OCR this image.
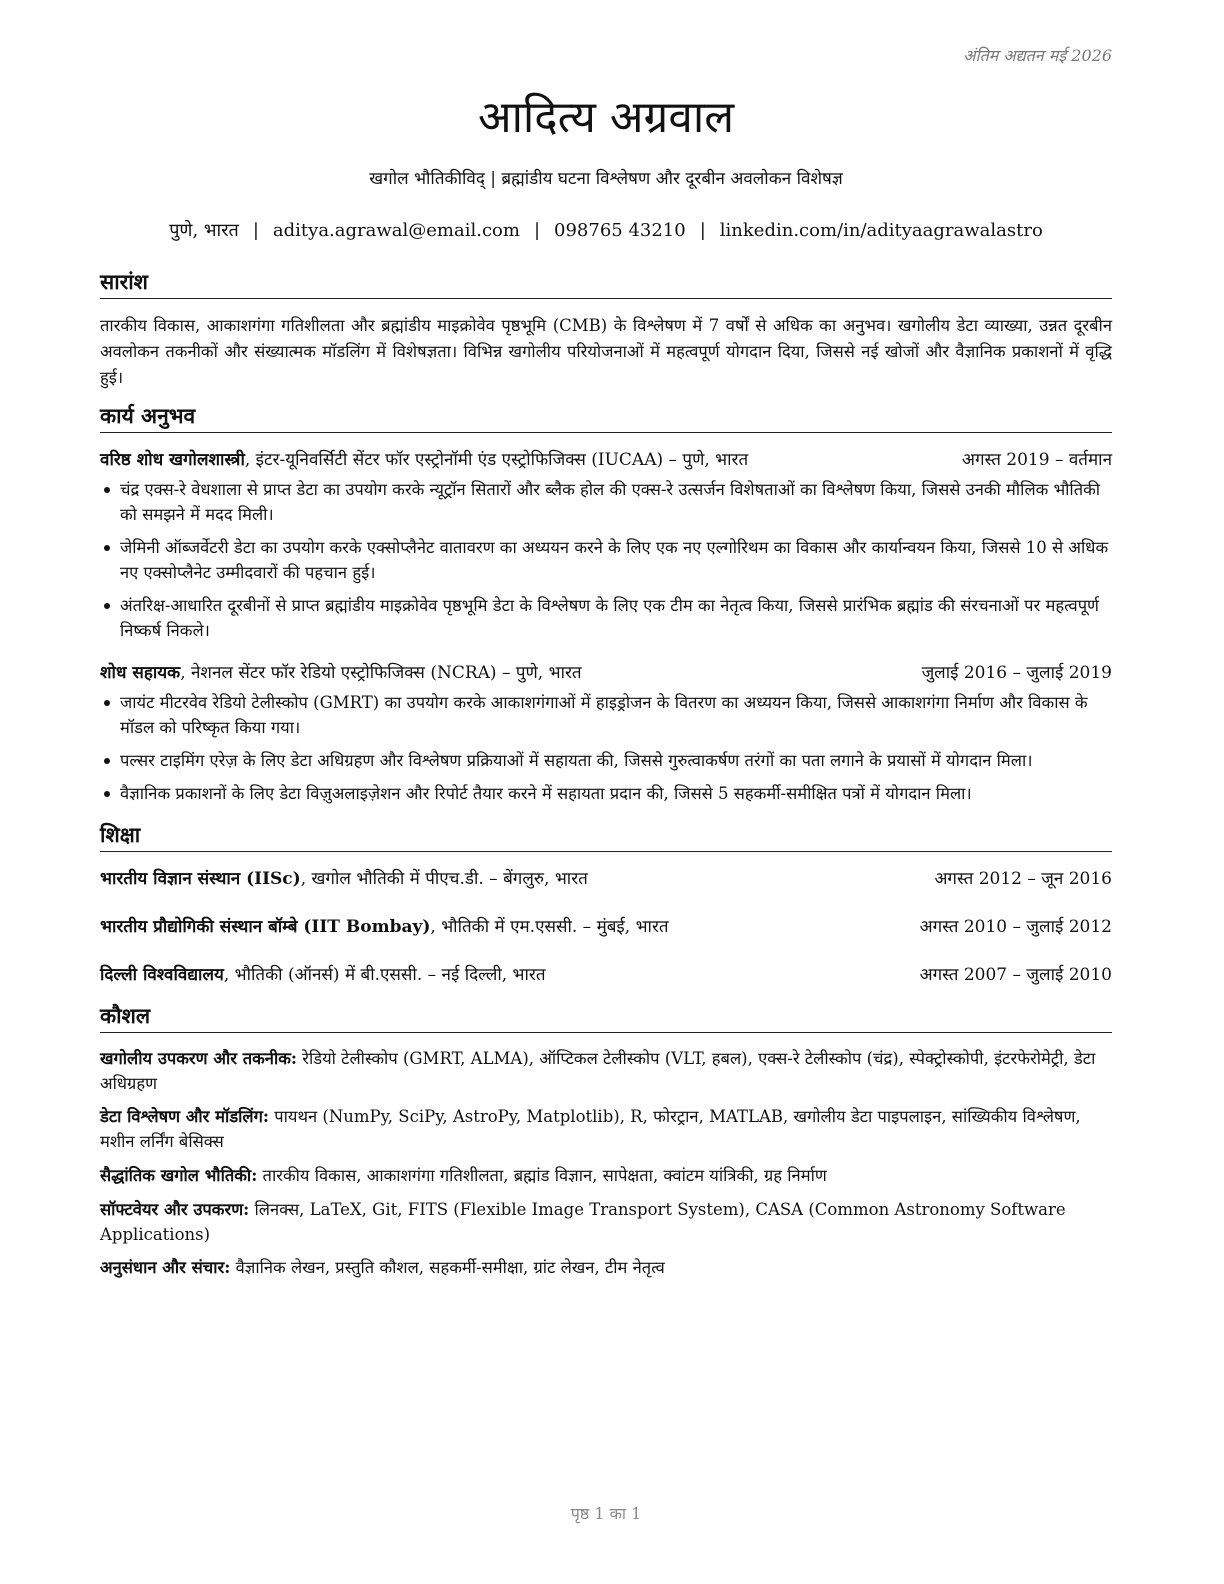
अंतिम अद्यतन मई 2026
आदित्य अग्रवाल
खगोल भौतिकीविद् | ब्रह्मांडीय घटना विश्लेषण और दूरबीन अवलोकन विशेषज्ञ
पुणे, भारत | aditya.agrawal@email.com | 098765 43210 | linkedin.com/in/adityaagrawalastro
सारांश
तारकीय विकास, आकाशगंगा गतिशीलता और ब्रह्मांडीय माइक्रोवेव पृष्ठभूमि (CMB) के विश्लेषण में 7 वर्षों से अधिक का अनुभव। खगोलीय डेटा व्याख्या, उन्नत दूरबीन अवलोकन तकनीकों और संख्यात्मक मॉडलिंग में विशेषज्ञता। विभिन्न खगोलीय परियोजनाओं में महत्वपूर्ण योगदान दिया, जिससे नई खोजों और वैज्ञानिक प्रकाशनों में वृद्धि हुई।
कार्य अनुभव
वरिष्ठ शोध खगोलशास्त्री, इंटर-यूनिवर्सिटी सेंटर फॉर एस्ट्रोनॉमी एंड एस्ट्रोफिजिक्स (IUCAA) – पुणे, भारत	अगस्त 2019 – वर्तमान
चंद्र एक्स-रे वेधशाला से प्राप्त डेटा का उपयोग करके न्यूट्रॉन सितारों और ब्लैक होल की एक्स-रे उत्सर्जन विशेषताओं का विश्लेषण किया, जिससे उनकी मौलिक भौतिकी को समझने में मदद मिली।
जेमिनी ऑब्जर्वेटरी डेटा का उपयोग करके एक्सोप्लैनेट वातावरण का अध्ययन करने के लिए एक नए एल्गोरिथम का विकास और कार्यान्वयन किया, जिससे 10 से अधिक नए एक्सोप्लैनेट उम्मीदवारों की पहचान हुई।
अंतरिक्ष-आधारित दूरबीनों से प्राप्त ब्रह्मांडीय माइक्रोवेव पृष्ठभूमि डेटा के विश्लेषण के लिए एक टीम का नेतृत्व किया, जिससे प्रारंभिक ब्रह्मांड की संरचनाओं पर महत्वपूर्ण निष्कर्ष निकले।
शोध सहायक, नेशनल सेंटर फॉर रेडियो एस्ट्रोफिजिक्स (NCRA) – पुणे, भारत	जुलाई 2016 – जुलाई 2019
जायंट मीटरवेव रेडियो टेलीस्कोप (GMRT) का उपयोग करके आकाशगंगाओं में हाइड्रोजन के वितरण का अध्ययन किया, जिससे आकाशगंगा निर्माण और विकास के मॉडल को परिष्कृत किया गया।
पल्सर टाइमिंग एरेज़ के लिए डेटा अधिग्रहण और विश्लेषण प्रक्रियाओं में सहायता की, जिससे गुरुत्वाकर्षण तरंगों का पता लगाने के प्रयासों में योगदान मिला।
वैज्ञानिक प्रकाशनों के लिए डेटा विज़ुअलाइज़ेशन और रिपोर्ट तैयार करने में सहायता प्रदान की, जिससे 5 सहकर्मी-समीक्षित पत्रों में योगदान मिला।
शिक्षा
भारतीय विज्ञान संस्थान (IISc), खगोल भौतिकी में पीएच.डी. – बेंगलुरु, भारत	अगस्त 2012 – जून 2016
भारतीय प्रौद्योगिकी संस्थान बॉम्बे (IIT Bombay), भौतिकी में एम.एससी. – मुंबई, भारत	अगस्त 2010 – जुलाई 2012
दिल्ली विश्वविद्यालय, भौतिकी (ऑनर्स) में बी.एससी. – नई दिल्ली, भारत	अगस्त 2007 – जुलाई 2010
कौशल
खगोलीय उपकरण और तकनीक: रेडियो टेलीस्कोप (GMRT, ALMA), ऑप्टिकल टेलीस्कोप (VLT, हबल), एक्स-रे टेलीस्कोप (चंद्र), स्पेक्ट्रोस्कोपी, इंटरफेरोमेट्री, डेटा अधिग्रहण
डेटा विश्लेषण और मॉडलिंग: पायथन (NumPy, SciPy, AstroPy, Matplotlib), R, फोरट्रान, MATLAB, खगोलीय डेटा पाइपलाइन, सांख्यिकीय विश्लेषण, मशीन लर्निंग बेसिक्स
सैद्धांतिक खगोल भौतिकी: तारकीय विकास, आकाशगंगा गतिशीलता, ब्रह्मांड विज्ञान, सापेक्षता, क्वांटम यांत्रिकी, ग्रह निर्माण
सॉफ्टवेयर और उपकरण: लिनक्स, LaTeX, Git, FITS (Flexible Image Transport System), CASA (Common Astronomy Software Applications)
अनुसंधान और संचार: वैज्ञानिक लेखन, प्रस्तुति कौशल, सहकर्मी-समीक्षा, ग्रांट लेखन, टीम नेतृत्व
पृष्ठ 1 का 1
